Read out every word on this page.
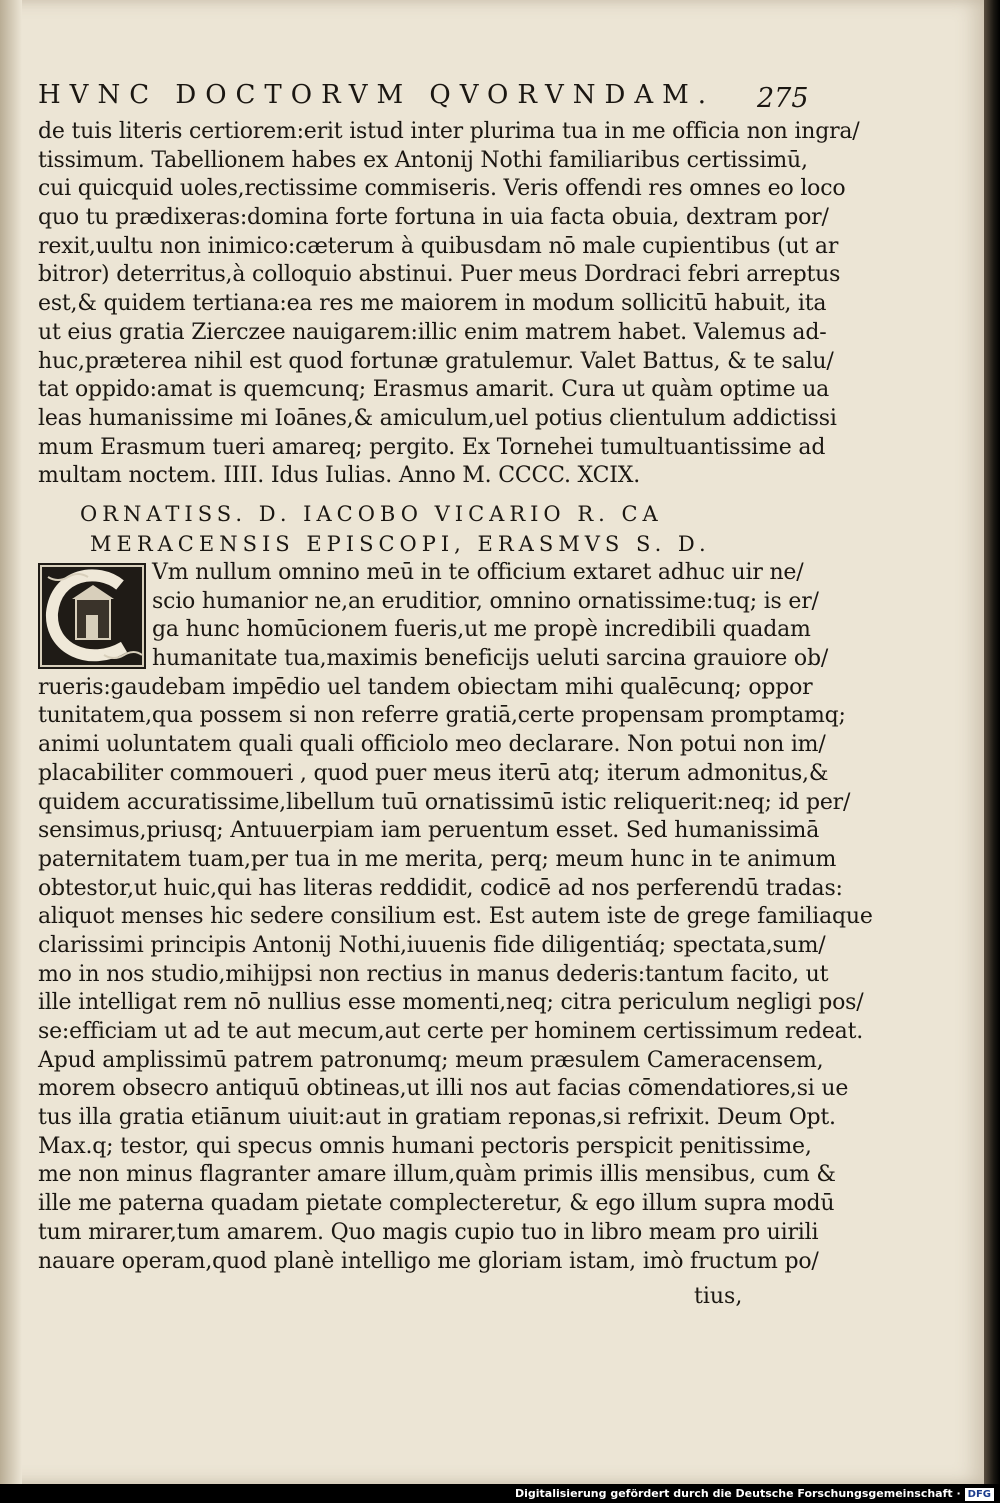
HVNC DOCTORVM QVORVNDAM.	275
de tuis literis certiorem:erit istud inter plurima tua in me officia non ingra/
tissimum. Tabellionem habes ex Antonij Nothi familiaribus certissimū,
cui quicquid uoles,rectissime commiseris. Veris offendi res omnes eo loco
quo tu prædixeras:domina forte fortuna in uia facta obuia, dextram por/
rexit,uultu non inimico:cæterum à quibusdam nō male cupientibus (ut ar
bitror) deterritus,à colloquio abstinui. Puer meus Dordraci febri arreptus
est,& quidem tertiana:ea res me maiorem in modum sollicitū habuit, ita
ut eius gratia Zierczee nauigarem:illic enim matrem habet. Valemus ad-
huc,præterea nihil est quod fortunæ gratulemur. Valet Battus, & te salu/
tat oppido:amat is quemcunq; Erasmus amarit. Cura ut quàm optime ua
leas humanissime mi Ioānes,& amiculum,uel potius clientulum addictissi
mum Erasmum tueri amareq; pergito. Ex Tornehei tumultuantissime ad
multam noctem. IIII. Idus Iulias. Anno M. CCCC. XCIX.
ORNATISS. D. IACOBO VICARIO R. CA
MERACENSIS EPISCOPI, ERASMVS S. D.
Vm nullum omnino meū in te officium extaret adhuc uir ne/
scio humanior ne,an eruditior, omnino ornatissime:tuq; is er/
ga hunc homūcionem fueris,ut me propè incredibili quadam
humanitate tua,maximis beneficijs ueluti sarcina grauiore ob/
rueris:gaudebam impēdio uel tandem obiectam mihi qualēcunq; oppor
tunitatem,qua possem si non referre gratiā,certe propensam promptamq;
animi uoluntatem quali quali officiolo meo declarare. Non potui non im/
placabiliter commoueri , quod puer meus iterū atq; iterum admonitus,&
quidem accuratissime,libellum tuū ornatissimū istic reliquerit:neq; id per/
sensimus,priusq; Antuuerpiam iam peruentum esset. Sed humanissimā
paternitatem tuam,per tua in me merita, perq; meum hunc in te animum
obtestor,ut huic,qui has literas reddidit, codicē ad nos perferendū tradas:
aliquot menses hic sedere consilium est. Est autem iste de grege familiaque
clarissimi principis Antonij Nothi,iuuenis fide diligentiáq; spectata,sum/
mo in nos studio,mihijpsi non rectius in manus dederis:tantum facito, ut
ille intelligat rem nō nullius esse momenti,neq; citra periculum negligi pos/
se:efficiam ut ad te aut mecum,aut certe per hominem certissimum redeat.
Apud amplissimū patrem patronumq; meum præsulem Cameracensem,
morem obsecro antiquū obtineas,ut illi nos aut facias cōmendatiores,si ue
tus illa gratia etiānum uiuit:aut in gratiam reponas,si refrixit. Deum Opt.
Max.q; testor, qui specus omnis humani pectoris perspicit penitissime,
me non minus flagranter amare illum,quàm primis illis mensibus, cum &
ille me paterna quadam pietate complecteretur, & ego illum supra modū
tum mirarer,tum amarem. Quo magis cupio tuo in libro meam pro uirili
nauare operam,quod planè intelligo me gloriam istam, imò fructum po/
tius,
Digitalisierung gefördert durch die Deutsche Forschungsgemeinschaft · DFG
